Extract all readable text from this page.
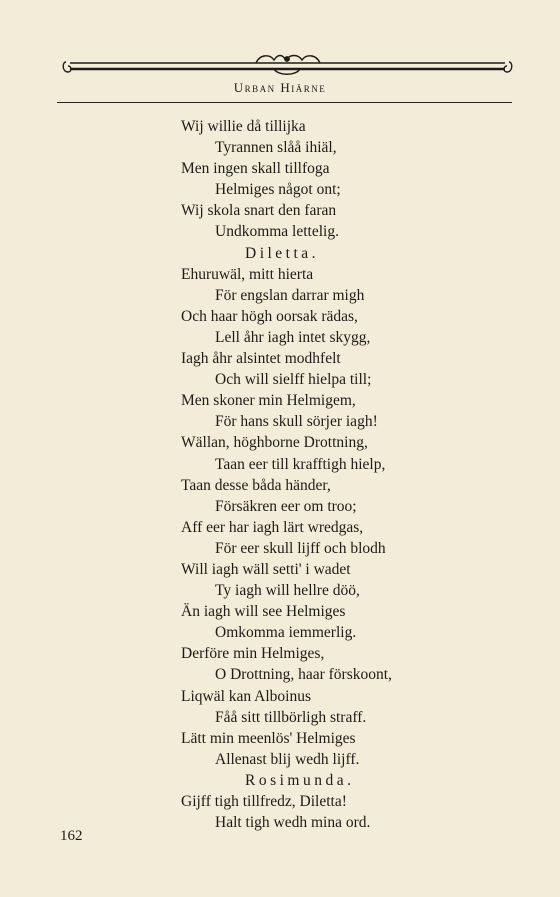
Urban Hiärne
Wij willie då tillijka
Tyrannen slåå ihiäl,
Men ingen skall tillfoga
Helmiges något ont;
Wij skola snart den faran
Undkomma lettelig.
Diletta.
Ehuruwäl, mitt hierta
För engslan darrar migh
Och haar högh oorsak rädas,
Lell åhr iagh intet skygg,
Iagh åhr alsintet modhfelt
Och will sielff hielpa till;
Men skoner min Helmigem,
För hans skull sörjer iagh!
Wällan, höghborne Drottning,
Taan eer till krafftigh hielp,
Taan desse båda händer,
Försäkren eer om troo;
Aff eer har iagh lärt wredgas,
För eer skull lijff och blodh
Will iagh wäll setti' i wadet
Ty iagh will hellre döö,
Än iagh will see Helmiges
Omkomma iemmerlig.
Derföre min Helmiges,
O Drottning, haar förskoont,
Liqwäl kan Alboinus
Fåå sitt tillbörligh straff.
Lätt min meenlös' Helmiges
Allenast blij wedh lijff.
Rosimunda.
Gijff tigh tillfredz, Diletta!
Halt tigh wedh mina ord.
162
